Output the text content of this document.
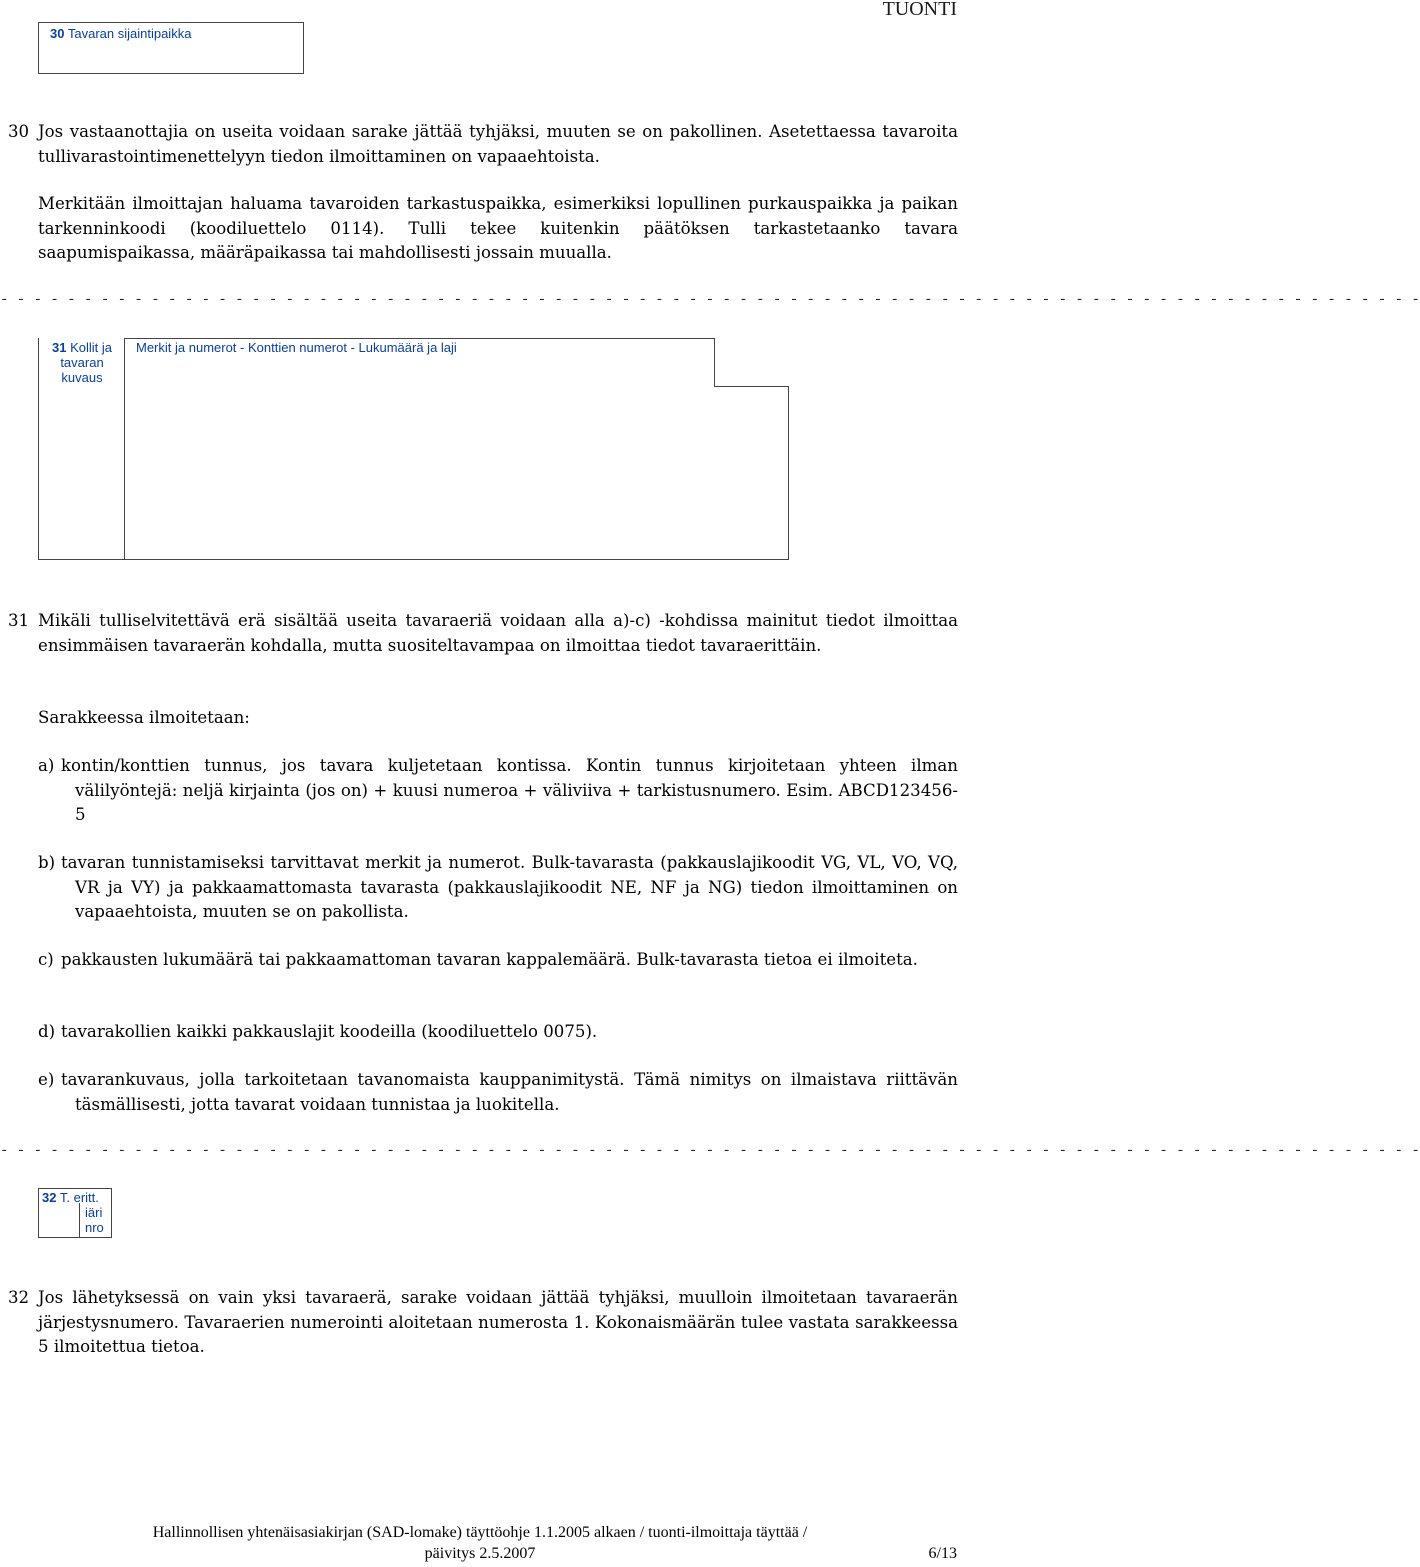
TUONTI
30 Tavaran sijaintipaikka

30 Jos vastaanottajia on useita voidaan sarake jättää tyhjäksi, muuten se on pakollinen. Asetettaessa tavaroita tullivarastointimenettelyyn tiedon ilmoittaminen on vapaaehtoista.

Merkitään ilmoittajan haluama tavaroiden tarkastuspaikka, esimerkiksi lopullinen purkauspaikka ja paikan tarkenninkoodi (koodiluettelo 0114). Tulli tekee kuitenkin päätöksen tarkastetaanko tavara saapumispaikassa, määräpaikassa tai mahdollisesti jossain muualla.

- - - - - - - - - - - - - - - - - - - - - - - - - - - - - - - - - - - - - - - - - - - - - - - - - - - - - - - - - - - - - - - - - - - - - - - - - - - - - - - - - - - - -
31 Kollit ja
tavaran
kuvaus
Merkit ja numerot - Konttien numerot - Lukumäärä ja laji

31 Mikäli tulliselvitettävä erä sisältää useita tavaraeriä voidaan alla a)-c) -kohdissa mainitut tiedot ilmoittaa ensimmäisen tavaraerän kohdalla, mutta suositeltavampaa on ilmoittaa tiedot tavaraerittäin.

Sarakkeessa ilmoitetaan:

a) kontin/konttien tunnus, jos tavara kuljetetaan kontissa. Kontin tunnus kirjoitetaan yhteen ilman välilyöntejä: neljä kirjainta (jos on) + kuusi numeroa + väliviiva + tarkistusnumero. Esim. ABCD123456-5
b) tavaran tunnistamiseksi tarvittavat merkit ja numerot. Bulk-tavarasta (pakkauslajikoodit VG, VL, VO, VQ, VR ja VY) ja pakkaamattomasta tavarasta (pakkauslajikoodit NE, NF ja NG) tiedon ilmoittaminen on vapaaehtoista, muuten se on pakollista.
c) pakkausten lukumäärä tai pakkaamattoman tavaran kappalemäärä. Bulk-tavarasta tietoa ei ilmoiteta.
d) tavarakollien kaikki pakkauslajit koodeilla (koodiluettelo 0075).
e) tavarankuvaus, jolla tarkoitetaan tavanomaista kauppanimitystä. Tämä nimitys on ilmaistava riittävän täsmällisesti, jotta tavarat voidaan tunnistaa ja luokitella.
- - - - - - - - - - - - - - - - - - - - - - - - - - - - - - - - - - - - - - - - - - - - - - - - - - - - - - - - - - - - - - - - - - - - - - - - - - - - - - - - - - - - -
32 T. eritt.
iäri
nro

32 Jos lähetyksessä on vain yksi tavaraerä, sarake voidaan jättää tyhjäksi, muulloin ilmoitetaan tavaraerän järjestysnumero. Tavaraerien numerointi aloitetaan numerosta 1. Kokonaismäärän tulee vastata sarakkeessa 5 ilmoitettua tietoa.

Hallinnollisen yhtenäisasiakirjan (SAD-lomake) täyttöohje 1.1.2005 alkaen / tuonti-ilmoittaja täyttää /
päivitys 2.5.2007	6/13
